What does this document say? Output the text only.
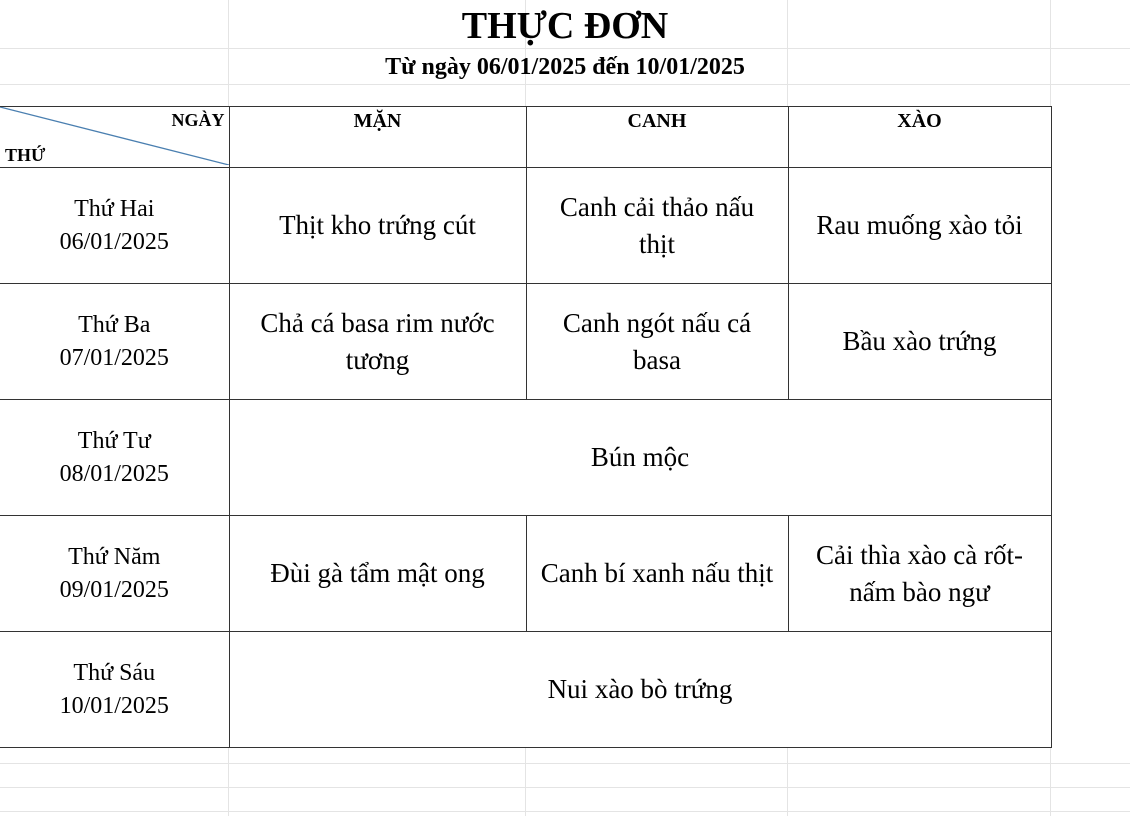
THỰC ĐƠN
Từ ngày 06/01/2025 đến 10/01/2025
NGÀY
THỨ	MẶN	CANH	XÀO

Thứ Hai
06/01/2025	Thịt kho trứng cút	Canh cải thảo nấu thịt	Rau muống xào tỏi

Thứ Ba
07/01/2025	Chả cá basa rim nước tương	Canh ngót nấu cá basa	Bầu xào trứng

Thứ Tư
08/01/2025	Bún mộc		

Thứ Năm
09/01/2025	Đùi gà tẩm mật ong	Canh bí xanh nấu thịt	Cải thìa xào cà rốt- nấm bào ngư

Thứ Sáu
10/01/2025	Nui xào bò trứng		
